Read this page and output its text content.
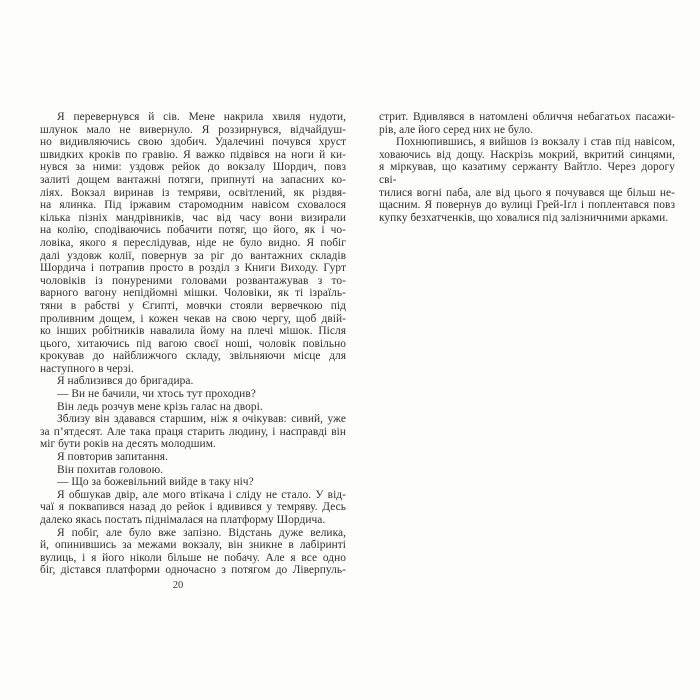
Я перевернувся й сів. Мене накрила хвиля нудоти,
шлунок мало не вивернуло. Я роззирнувся, відчайдуш-
но видивляючись свою здобич. Удалечині почувся хруст
швидких кроків по гравію. Я важко підвівся на ноги й ки-
нувся за ними: уздовж рейок до вокзалу Шордич, повз
залиті дощем вантажні потяги, припнуті на запасних ко-
ліях. Вокзал виринав із темряви, освітлений, як різдвя-
на ялинка. Під іржавим старомодним навісом сховалося
кілька пізніх мандрівників, час від часу вони визирали
на колію, сподіваючись побачити потяг, що його, як і чо-
ловіка, якого я переслідував, ніде не було видно. Я побіг
далі уздовж колії, повернув за ріг до вантажних складів
Шордича і потрапив просто в розділ з Книги Виходу. Гурт
чоловіків із понуреними головами розвантажував з то-
варного вагону непідйомні мішки. Чоловіки, як ті ізраїль-
тяни в рабстві у Єгипті, мовчки стояли вервечкою під
проливним дощем, і кожен чекав на свою чергу, щоб двій-
ко інших робітників навалила йому на плечі мішок. Після
цього, хитаючись під вагою своєї ноші, чоловік повільно
крокував до найближчого складу, звільняючи місце для
наступного в черзі.
Я наблизився до бригадира.
— Ви не бачили, чи хтось тут проходив?
Він ледь розчув мене крізь галас на дворі.
Зблизу він здавався старшим, ніж я очікував: сивий, уже
за п’ятдесят. Але така праця старить людину, і насправді він
міг бути років на десять молодшим.
Я повторив запитання.
Він похитав головою.
— Що за божевільний вийде в таку ніч?
Я обшукав двір, але мого втікача і сліду не стало. У від-
чаї я поквапився назад до рейок і вдивився у темряву. Десь
далеко якась постать піднімалася на платформу Шордича.
Я побіг, але було вже запізно. Відстань дуже велика,
й, опинившись за межами вокзалу, він зникне в лабіринті
вулиць, і я його ніколи більше не побачу. Але я все одно
біг, дістався платформи одночасно з потягом до Ліверпуль-
стрит. Вдивлявся в натомлені обличчя небагатьох пасажи-
рів, але його серед них не було.
Похнюпившись, я вийшов із вокзалу і став під навісом,
ховаючись від дощу. Наскрізь мокрий, вкритий синцями,
я міркував, що казатиму сержанту Вайтло. Через дорогу сві-
тилися вогні паба, але від цього я почувався ще більш не-
щасним. Я повернув до вулиці Грей-Іґл і поплентався повз
купку безхатченків, що ховалися під залізничними арками.
20
